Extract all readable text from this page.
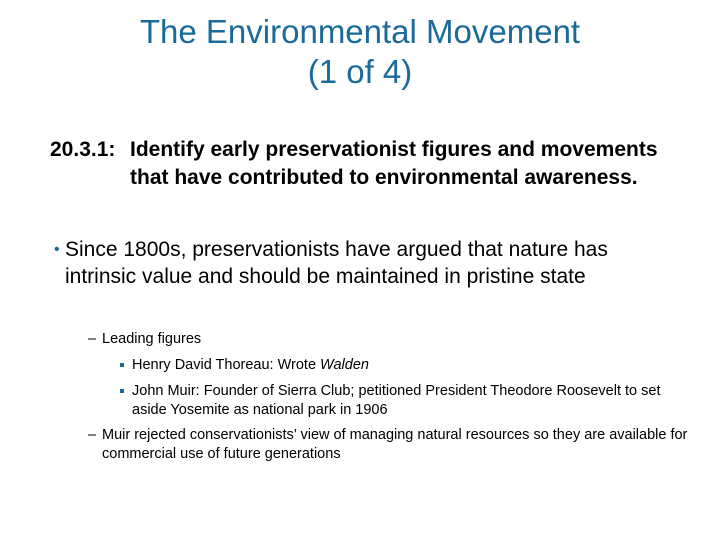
The Environmental Movement
(1 of 4)
20.3.1: Identify early preservationist figures and movements that have contributed to environmental awareness.
• Since 1800s, preservationists have argued that nature has intrinsic value and should be maintained in pristine state
– Leading figures
Henry David Thoreau: Wrote Walden
John Muir: Founder of Sierra Club; petitioned President Theodore Roosevelt to set aside Yosemite as national park in 1906
– Muir rejected conservationists’ view of managing natural resources so they are available for commercial use of future generations
